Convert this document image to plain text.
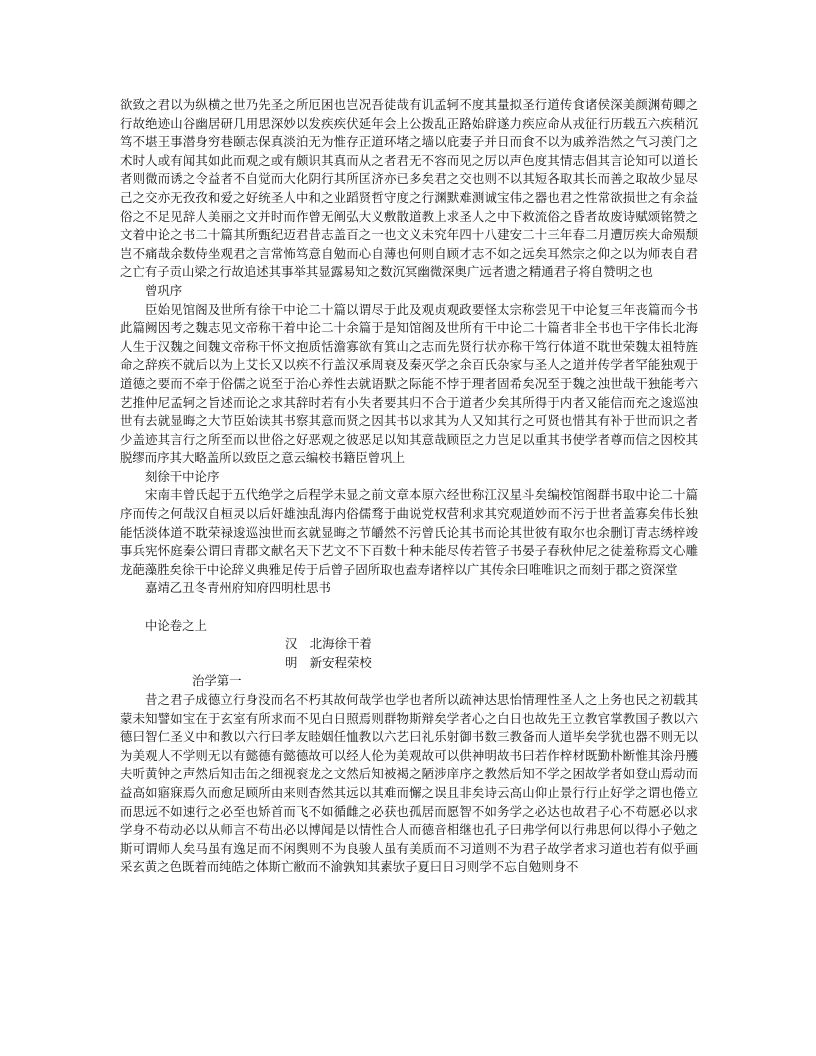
欲致之君以为纵横之世乃先圣之所厄困也岂况吾徒哉有讥孟轲不度其量拟圣行道传食诸侯深美颜渊荀卿之行故绝迹山谷幽居研几用思深妙以发疾疾伏延年会上公拨乱正路始辟遂力疾应命从戎征行历载五六疾稍沉笃不堪王事潜身穷巷颐志保真淡泊无为惟存正道环堵之墙以庇妻子并日而食不以为戚养浩然之气习羡门之术时人或有闻其如此而观之或有颇识其真而从之者君无不容而见之厉以声色度其情志倡其言论知可以道长者则微而诱之令益者不自觉而大化阴行其所匡济亦已多矣君之交也则不以其短各取其长而善之取故少显尽己之交亦无孜孜和爱之好统圣人中和之业蹈贤哲守度之行渊默难测诚宝伟之器也君之性常欲损世之有余益俗之不足见辞人美丽之文并时而作曾无阐弘大义敷散道教上求圣人之中下救流俗之昏者故废诗赋颂铭赞之文着中论之书二十篇其所甄纪迈君昔志盖百之一也文义未究年四十八建安二十三年春二月遭厉疾大命殒颓岂不痛哉余数侍坐观君之言常怖笃意自勉而心自薄也何则自顾才志不如之远矣耳然宗之仰之以为师表自君之亡有子贡山梁之行故追述其事举其显露易知之数沉冥幽微深奥广远者遗之精通君子将自赞明之也

曾巩序

臣始见馆阁及世所有徐干中论二十篇以谓尽于此及观贞观政要怪太宗称尝见干中论复三年丧篇而今书此篇阙因考之魏志见文帝称干着中论二十余篇于是知馆阁及世所有干中论二十篇者非全书也干字伟长北海人生于汉魏之间魏文帝称干怀文抱质恬澹寡欲有箕山之志而先贤行状亦称干笃行体道不耽世荣魏太祖特旌命之辞疾不就后以为上艾长又以疾不行盖汉承周衰及秦灭学之余百氏杂家与圣人之道并传学者罕能独观于道德之要而不牵于俗儒之说至于治心养性去就语默之际能不悖于理者固希矣况至于魏之浊世哉干独能考六艺推仲尼孟轲之旨述而论之求其辞时若有小失者要其归不合于道者少矣其所得于内者又能信而充之逡巡浊世有去就显晦之大节臣始读其书察其意而贤之因其书以求其为人又知其行之可贤也惜其有补于世而识之者少盖迹其言行之所至而以世俗之好恶观之彼恶足以知其意哉顾臣之力岂足以重其书使学者尊而信之因校其脱缪而序其大略盖所以致臣之意云编校书籍臣曾巩上

刻徐干中论序

宋南丰曾氏起于五代绝学之后程学未显之前文章本原六经世称江汉星斗矣编校馆阁群书取中论二十篇序而传之何哉汉自桓灵以后奸雄浊乱海内俗儒骛于曲说党权营利求其究观道妙而不污于世者盖寡矣伟长独能恬淡体道不耽荣禄逡巡浊世而玄就显晦之节皭然不污曾氏论其书而论其世彼有取尔也余删订青志绣梓竣事兵宪怀庭秦公谓曰青郡文献名天下艺文不下百数十种未能尽传若管子书晏子春秋仲尼之徒羞称焉文心雕龙葩藻胜矣徐干中论辞义典雅足传于后曾子固所取也盍寿诸梓以广其传余曰唯唯识之而刻于郡之资深堂

嘉靖乙丑冬青州府知府四明杜思书

中论卷之上

汉　北海徐干着

明　新安程荣校

治学第一

昔之君子成德立行身没而名不朽其故何哉学也学也者所以疏神达思怡情理性圣人之上务也民之初载其蒙未知譬如宝在于玄室有所求而不见白日照焉则群物斯辩矣学者心之白日也故先王立教官掌教国子教以六德曰智仁圣义中和教以六行曰孝友睦姻任恤教以六艺曰礼乐射御书数三教备而人道毕矣学犹也器不则无以为美观人不学则无以有懿德有懿德故可以经人伦为美观故可以供神明故书曰若作梓材既勤朴断惟其涂丹雘夫听黄钟之声然后知击缶之细视衮龙之文然后知被褐之陋涉庠序之教然后知不学之困故学者如登山焉动而益高如寤寐焉久而愈足顾所由来则杳然其远以其难而懈之误且非矣诗云高山仰止景行行止好学之谓也倦立而思远不如速行之必至也矫首而飞不如循雌之必获也孤居而愿智不如务学之必达也故君子心不苟愿必以求学身不苟动必以从师言不苟出必以博闻是以情性合人而德音相继也孔子曰弗学何以行弗思何以得小子勉之斯可谓师人矣马虽有逸足而不闲舆则不为良骏人虽有美质而不习道则不为君子故学者求习道也若有似乎画采玄黄之色既着而纯皓之体斯亡敝而不渝孰知其素欤子夏曰日习则学不忘自勉则身不
